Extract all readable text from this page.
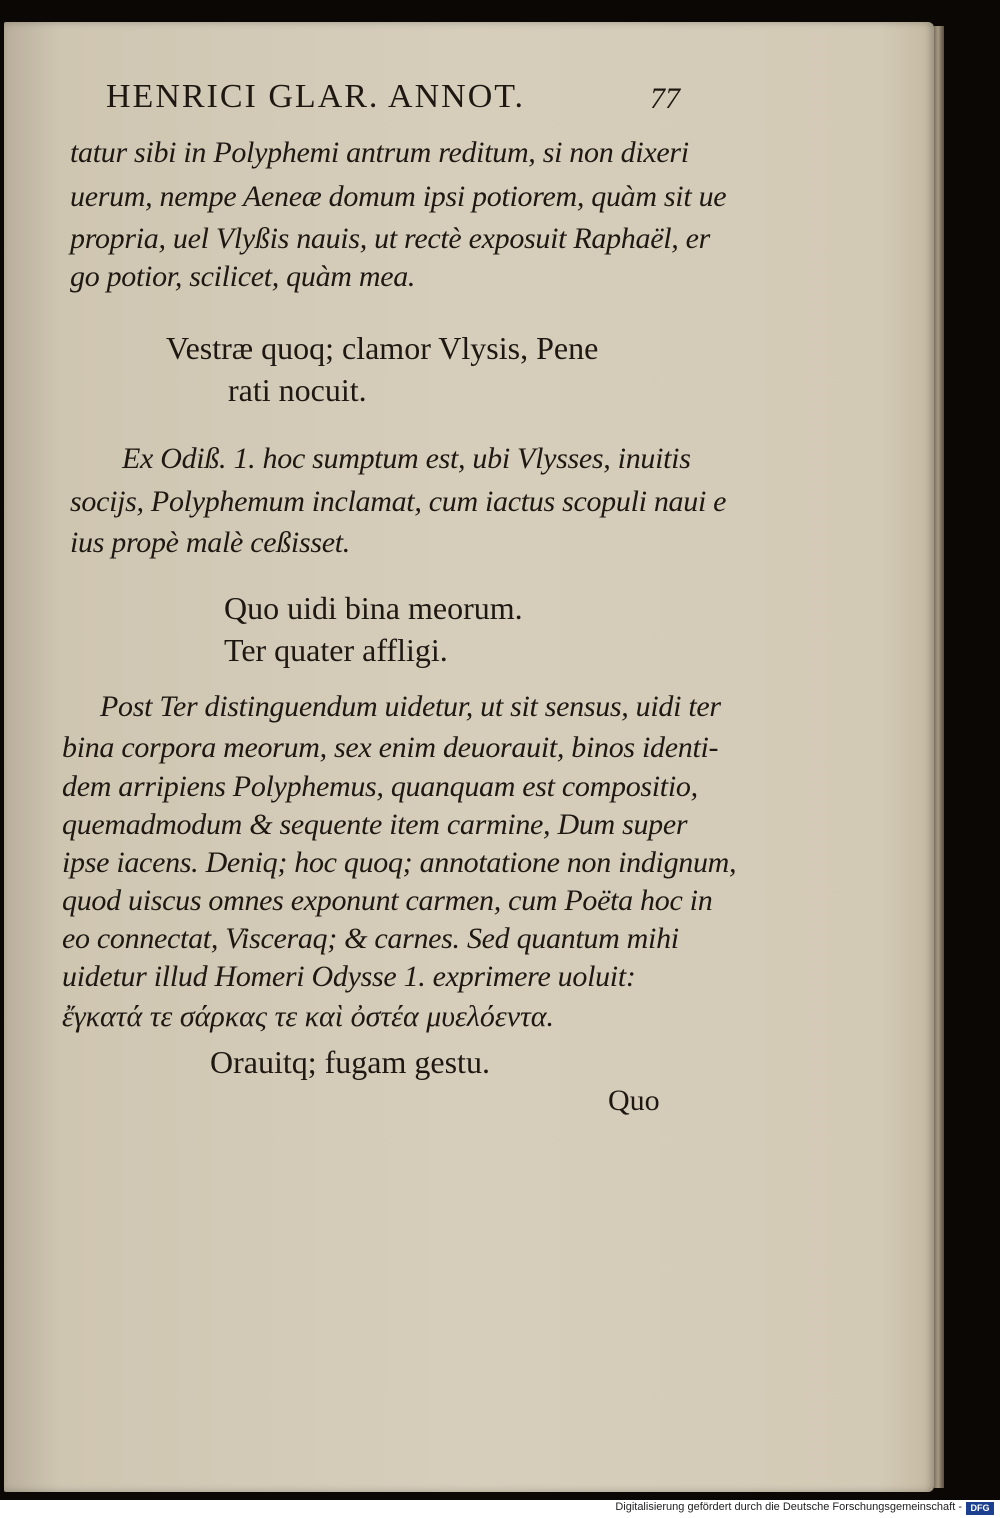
HENRICI GLAR. ANNOT.	77
tatur sibi in Polyphemi antrum reditum, si non dixeri
uerum, nempe Aeneæ domum ipsi potiorem, quàm sit ue
propria, uel Vlyßis nauis, ut rectè exposuit Raphaël, er
go potior, scilicet, quàm mea.
Vestræ quoq; clamor Vlysis, Pene
rati nocuit.
Ex Odiß. 1. hoc sumptum est, ubi Vlysses, inuitis
socijs, Polyphemum inclamat, cum iactus scopuli naui e
ius propè malè ceßisset.
Quo uidi bina meorum.
Ter quater affligi.
Post Ter distinguendum uidetur, ut sit sensus, uidi ter
bina corpora meorum, sex enim deuorauit, binos identi-
dem arripiens Polyphemus, quanquam est compositio,
quemadmodum & sequente item carmine, Dum super
ipse iacens. Deniq; hoc quoq; annotatione non indignum,
quod uiscus omnes exponunt carmen, cum Poëta hoc in
eo connectat, Visceraq; & carnes. Sed quantum mihi
uidetur illud Homeri Odysse 1. exprimere uoluit:
ἔγκατά τε σάρκας τε καὶ ὀστέα μυελόεντα.
Orauitq; fugam gestu.
Quo
Digitalisierung gefördert durch die Deutsche Forschungsgemeinschaft - DFG
